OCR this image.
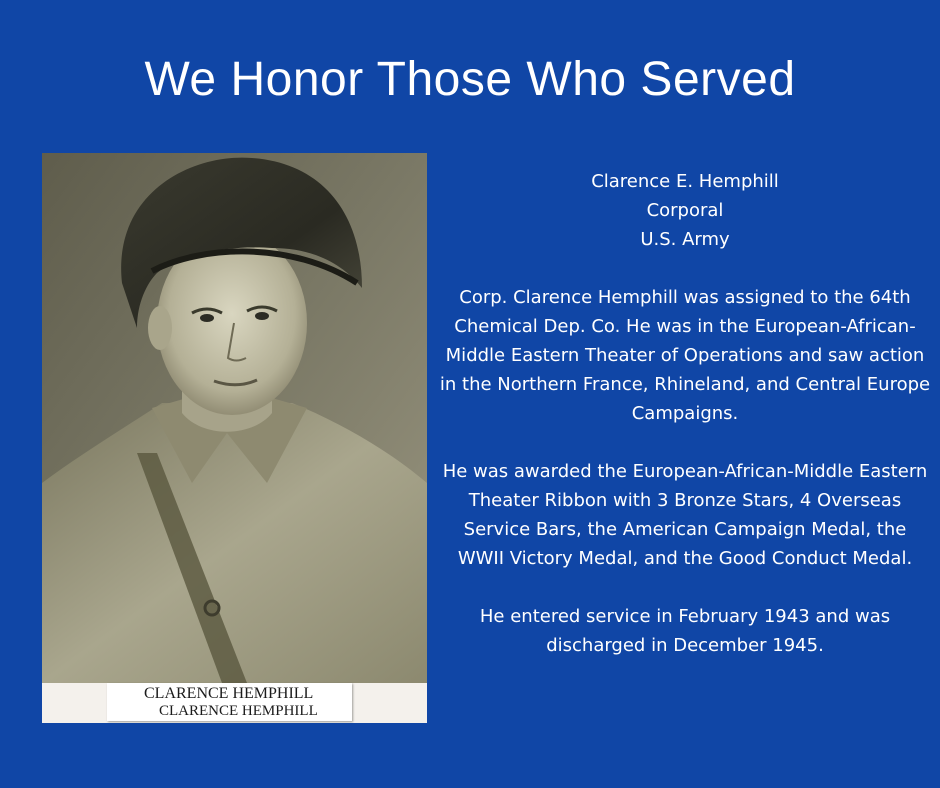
We Honor Those Who Served
CLARENCE HEMPHILL
CLARENCE HEMPHILL

Clarence E. Hemphill

Corporal

U.S. Army

Corp. Clarence Hemphill was assigned to the 64th Chemical Dep. Co. He was in the European-African-Middle Eastern Theater of Operations and saw action in the Northern France, Rhineland, and Central Europe Campaigns.

He was awarded the European-African-Middle Eastern Theater Ribbon with 3 Bronze Stars, 4 Overseas Service Bars, the American Campaign Medal, the WWII Victory Medal, and the Good Conduct Medal.

He entered service in February 1943 and was discharged in December 1945.
